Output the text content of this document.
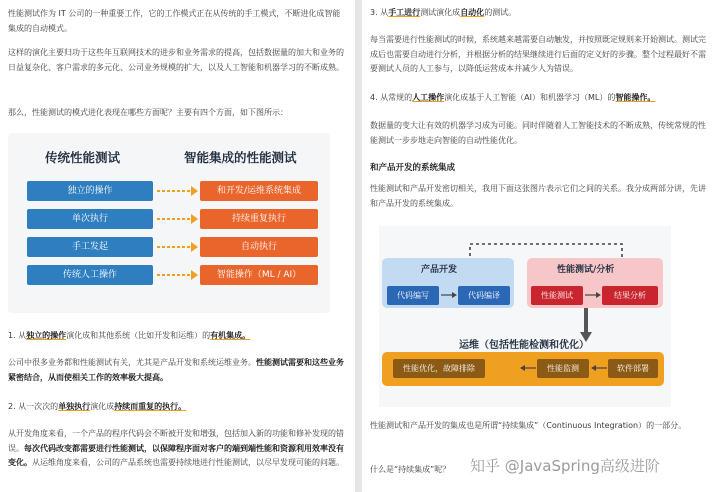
性能测试作为 IT 公司的一种重要工作，它的工作模式正在从传统的手工模式，不断进化成智能集成的自动模式。

这样的演化主要归功于这些年互联网技术的进步和业务需求的提高，包括数据量的加大和业务的日益复杂化、客户需求的多元化、公司业务规模的扩大，以及人工智能和机器学习的不断成熟。

那么，性能测试的模式进化表现在哪些方面呢？主要有四个方面，如下图所示：

传统性能测试	智能集成的性能测试
独立的操作	和开发/运维系统集成
单次执行	持续重复执行
手工发起	自动执行
传统人工操作	智能操作（ML / AI）

1. 从独立的操作演化成和其他系统（比如开发和运维）的有机集成。

公司中很多业务都和性能测试有关，尤其是产品开发和系统运维业务。性能测试需要和这些业务紧密结合，从而使相关工作的效率极大提高。

2. 从一次次的单独执行演化成持续而重复的执行。

从开发角度来看，一个产品的程序代码会不断被开发和增强，包括加入新的功能和修补发现的错误。每次代码改变都需要进行性能测试，以保障程序面对客户的端到端性能和资源利用效率没有变化。从运维角度来看，公司的产品系统也需要持续地进行性能测试，以尽早发现可能的问题。

3. 从手工进行测试演化成自动化的测试。

每当需要进行性能测试的时候，系统越来越需要自动触发，并按照既定规则来开始测试。测试完成后也需要自动进行分析，并根据分析的结果继续进行后面的定义好的步骤。整个过程最好不需要测试人员的人工参与，以降低运营成本并减少人为错误。

4. 从常规的人工操作演化成基于人工智能（AI）和机器学习（ML）的智能操作。

数据量的变大让有效的机器学习成为可能。同时伴随着人工智能技术的不断成熟，传统常规的性能测试一步步地走向智能的自动性能优化。

和产品开发的系统集成

性能测试和产品开发密切相关，我用下面这张图片表示它们之间的关系。我分成两部分讲，先讲和产品开发的系统集成。

产品开发
代码编写	代码编译
性能测试/分析
性能测试	结果分析
运维（包括性能检测和优化）
性能优化，故障排除	性能监测	软件部署

性能测试和产品开发的集成也是所谓“持续集成”（Continuous Integration）的一部分。

什么是“持续集成”呢？	知乎 @JavaSpring高级进阶
